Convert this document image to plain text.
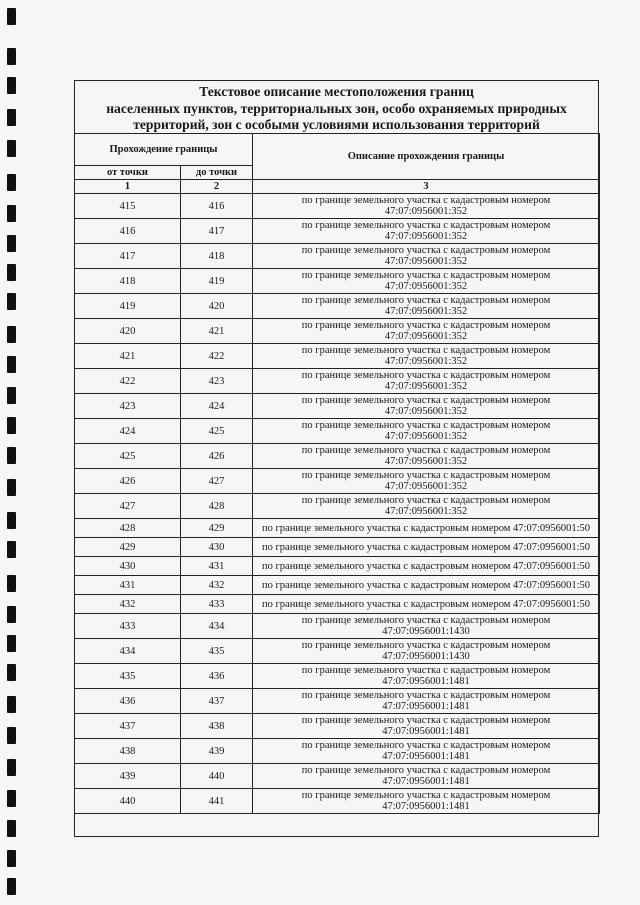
Текстовое описание местоположения границ
населенных пунктов, территориальных зон, особо охраняемых природных
территорий, зон с особыми условиями использования территорий
Прохождение границы		Описание прохождения границы
от точки	до точки	
1	2	3
415	416	по границе земельного участка с кадастровым номером
47:07:0956001:352

416	417	по границе земельного участка с кадастровым номером
47:07:0956001:352

417	418	по границе земельного участка с кадастровым номером
47:07:0956001:352

418	419	по границе земельного участка с кадастровым номером
47:07:0956001:352

419	420	по границе земельного участка с кадастровым номером
47:07:0956001:352

420	421	по границе земельного участка с кадастровым номером
47:07:0956001:352

421	422	по границе земельного участка с кадастровым номером
47:07:0956001:352

422	423	по границе земельного участка с кадастровым номером
47:07:0956001:352

423	424	по границе земельного участка с кадастровым номером
47:07:0956001:352

424	425	по границе земельного участка с кадастровым номером
47:07:0956001:352

425	426	по границе земельного участка с кадастровым номером
47:07:0956001:352

426	427	по границе земельного участка с кадастровым номером
47:07:0956001:352

427	428	по границе земельного участка с кадастровым номером
47:07:0956001:352

428	429	по границе земельного участка с кадастровым номером 47:07:0956001:50

429	430	по границе земельного участка с кадастровым номером 47:07:0956001:50

430	431	по границе земельного участка с кадастровым номером 47:07:0956001:50

431	432	по границе земельного участка с кадастровым номером 47:07:0956001:50

432	433	по границе земельного участка с кадастровым номером 47:07:0956001:50

433	434	по границе земельного участка с кадастровым номером
47:07:0956001:1430

434	435	по границе земельного участка с кадастровым номером
47:07:0956001:1430

435	436	по границе земельного участка с кадастровым номером
47:07:0956001:1481

436	437	по границе земельного участка с кадастровым номером
47:07:0956001:1481

437	438	по границе земельного участка с кадастровым номером
47:07:0956001:1481

438	439	по границе земельного участка с кадастровым номером
47:07:0956001:1481

439	440	по границе земельного участка с кадастровым номером
47:07:0956001:1481

440	441	по границе земельного участка с кадастровым номером
47:07:0956001:1481
